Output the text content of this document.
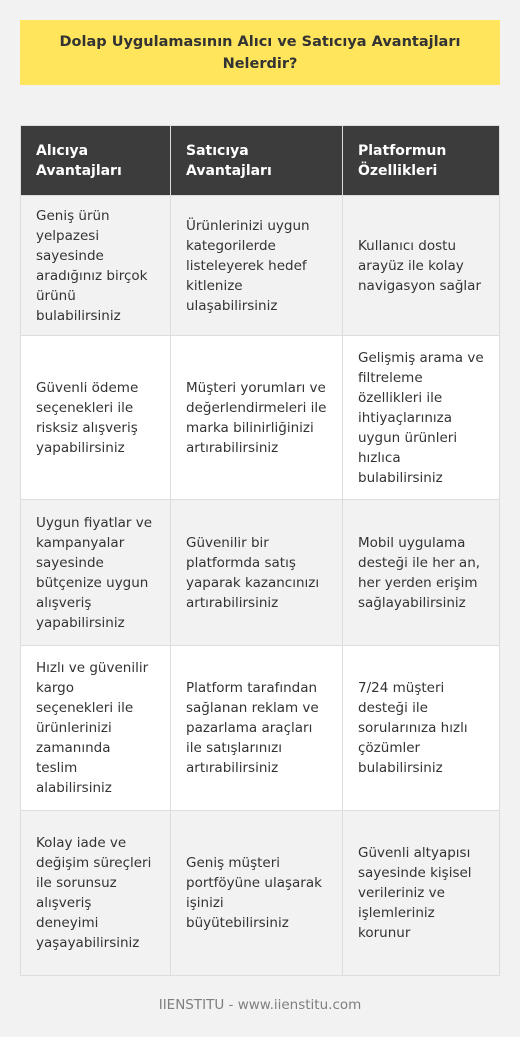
Dolap Uygulamasının Alıcı ve Satıcıya Avantajları Nelerdir?
Alıcıya Avantajları	Satıcıya Avantajları	Platformun Özellikleri
Geniş ürün yelpazesi sayesinde aradığınız birçok ürünü bulabilirsiniz	Ürünlerinizi uygun kategorilerde listeleyerek hedef kitlenize ulaşabilirsiniz	Kullanıcı dostu arayüz ile kolay navigasyon sağlar
Güvenli ödeme seçenekleri ile risksiz alışveriş yapabilirsiniz	Müşteri yorumları ve değerlendirmeleri ile marka bilinirliğinizi artırabilirsiniz	Gelişmiş arama ve filtreleme özellikleri ile ihtiyaçlarınıza uygun ürünleri hızlıca bulabilirsiniz
Uygun fiyatlar ve kampanyalar sayesinde bütçenize uygun alışveriş yapabilirsiniz	Güvenilir bir platformda satış yaparak kazancınızı artırabilirsiniz	Mobil uygulama desteği ile her an, her yerden erişim sağlayabilirsiniz
Hızlı ve güvenilir kargo seçenekleri ile ürünlerinizi zamanında teslim alabilirsiniz	Platform tarafından sağlanan reklam ve pazarlama araçları ile satışlarınızı artırabilirsiniz	7/24 müşteri desteği ile sorularınıza hızlı çözümler bulabilirsiniz
Kolay iade ve değişim süreçleri ile sorunsuz alışveriş deneyimi yaşayabilirsiniz	Geniş müşteri portföyüne ulaşarak işinizi büyütebilirsiniz	Güvenli altyapısı sayesinde kişisel verileriniz ve işlemleriniz korunur
IIENSTITU - www.iienstitu.com
